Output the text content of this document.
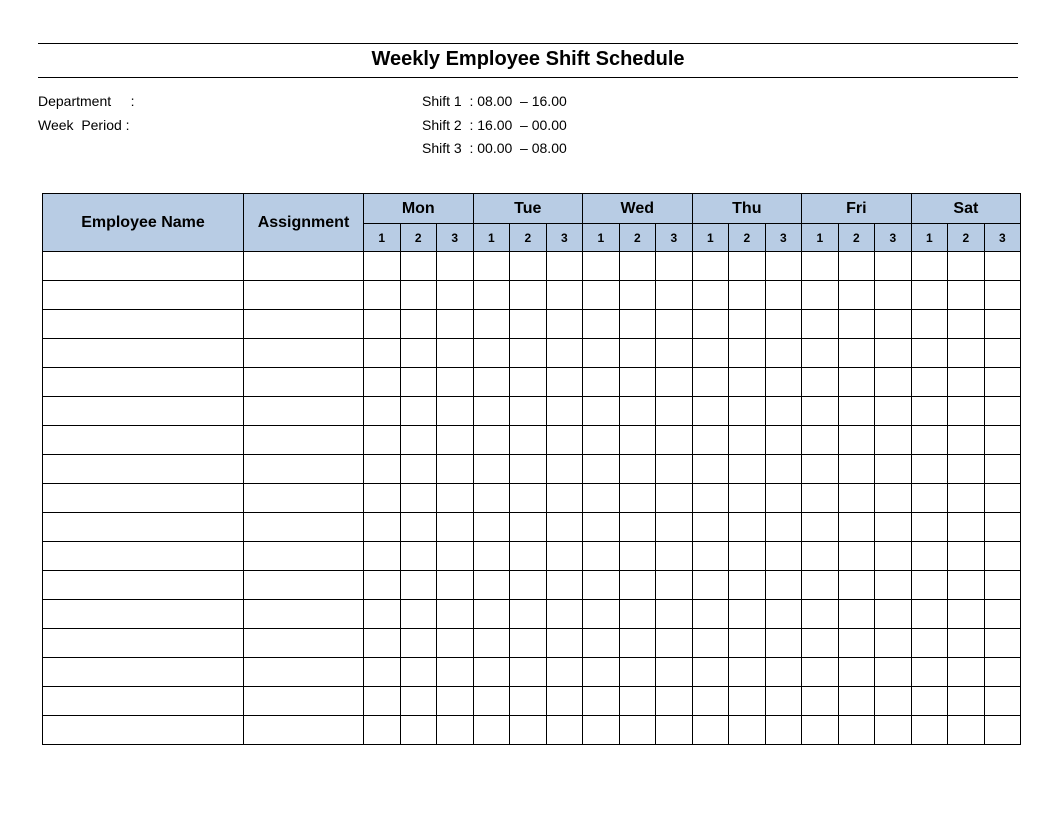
Weekly Employee Shift Schedule
Department     :
Week  Period :
Shift 1  : 08.00  – 16.00
Shift 2  : 16.00  – 00.00
Shift 3  : 00.00  – 08.00
Employee Name	Assignment	Mon			Tue			Wed			Thu			Fri			Sat		
		1	2	3	1	2	3	1	2	3	1	2	3	1	2	3	1	2	3
